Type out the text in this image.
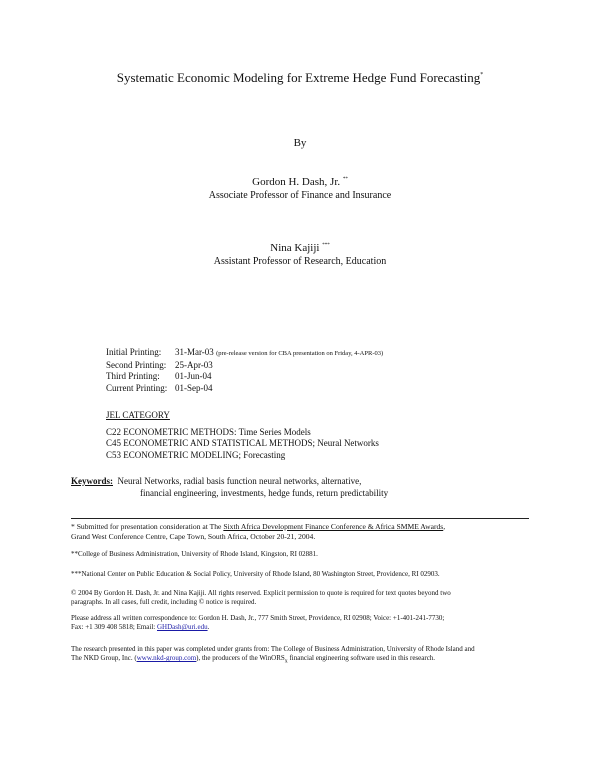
Systematic Economic Modeling for Extreme Hedge Fund Forecasting*
By
Gordon H. Dash, Jr. **
Associate Professor of Finance and Insurance
Nina Kajiji ***
Assistant Professor of Research, Education
Initial Printing: 31-Mar-03 (pre-release version for CBA presentation on Friday, 4-APR-03)
Second Printing: 25-Apr-03
Third Printing: 01-Jun-04
Current Printing: 01-Sep-04
JEL CATEGORY
C22 ECONOMETRIC METHODS: Time Series Models
C45 ECONOMETRIC AND STATISTICAL METHODS; Neural Networks
C53 ECONOMETRIC MODELING; Forecasting
Keywords: Neural Networks, radial basis function neural networks, alternative,
financial engineering, investments, hedge funds, return predictability
* Submitted for presentation consideration at The Sixth Africa Development Finance Conference & Africa SMME Awards,
Grand West Conference Centre, Cape Town, South Africa, October 20-21, 2004.
**College of Business Administration, University of Rhode Island, Kingston, RI 02881.
***National Center on Public Education & Social Policy, University of Rhode Island, 80 Washington Street, Providence, RI 02903.
© 2004 By Gordon H. Dash, Jr. and Nina Kajiji. All rights reserved. Explicit permission to quote is required for text quotes beyond two
paragraphs. In all cases, full credit, including © notice is required.
Please address all written correspondence to: Gordon H. Dash, Jr., 777 Smith Street, Providence, RI 02908; Voice: +1-401-241-7730;
Fax: +1 309 408 5818; Email: GHDash@uri.edu.
The research presented in this paper was completed under grants from: The College of Business Administration, University of Rhode Island and
The NKD Group, Inc. (www.nkd-group.com), the producers of the WinORS$_x$ financial engineering software used in this research.
